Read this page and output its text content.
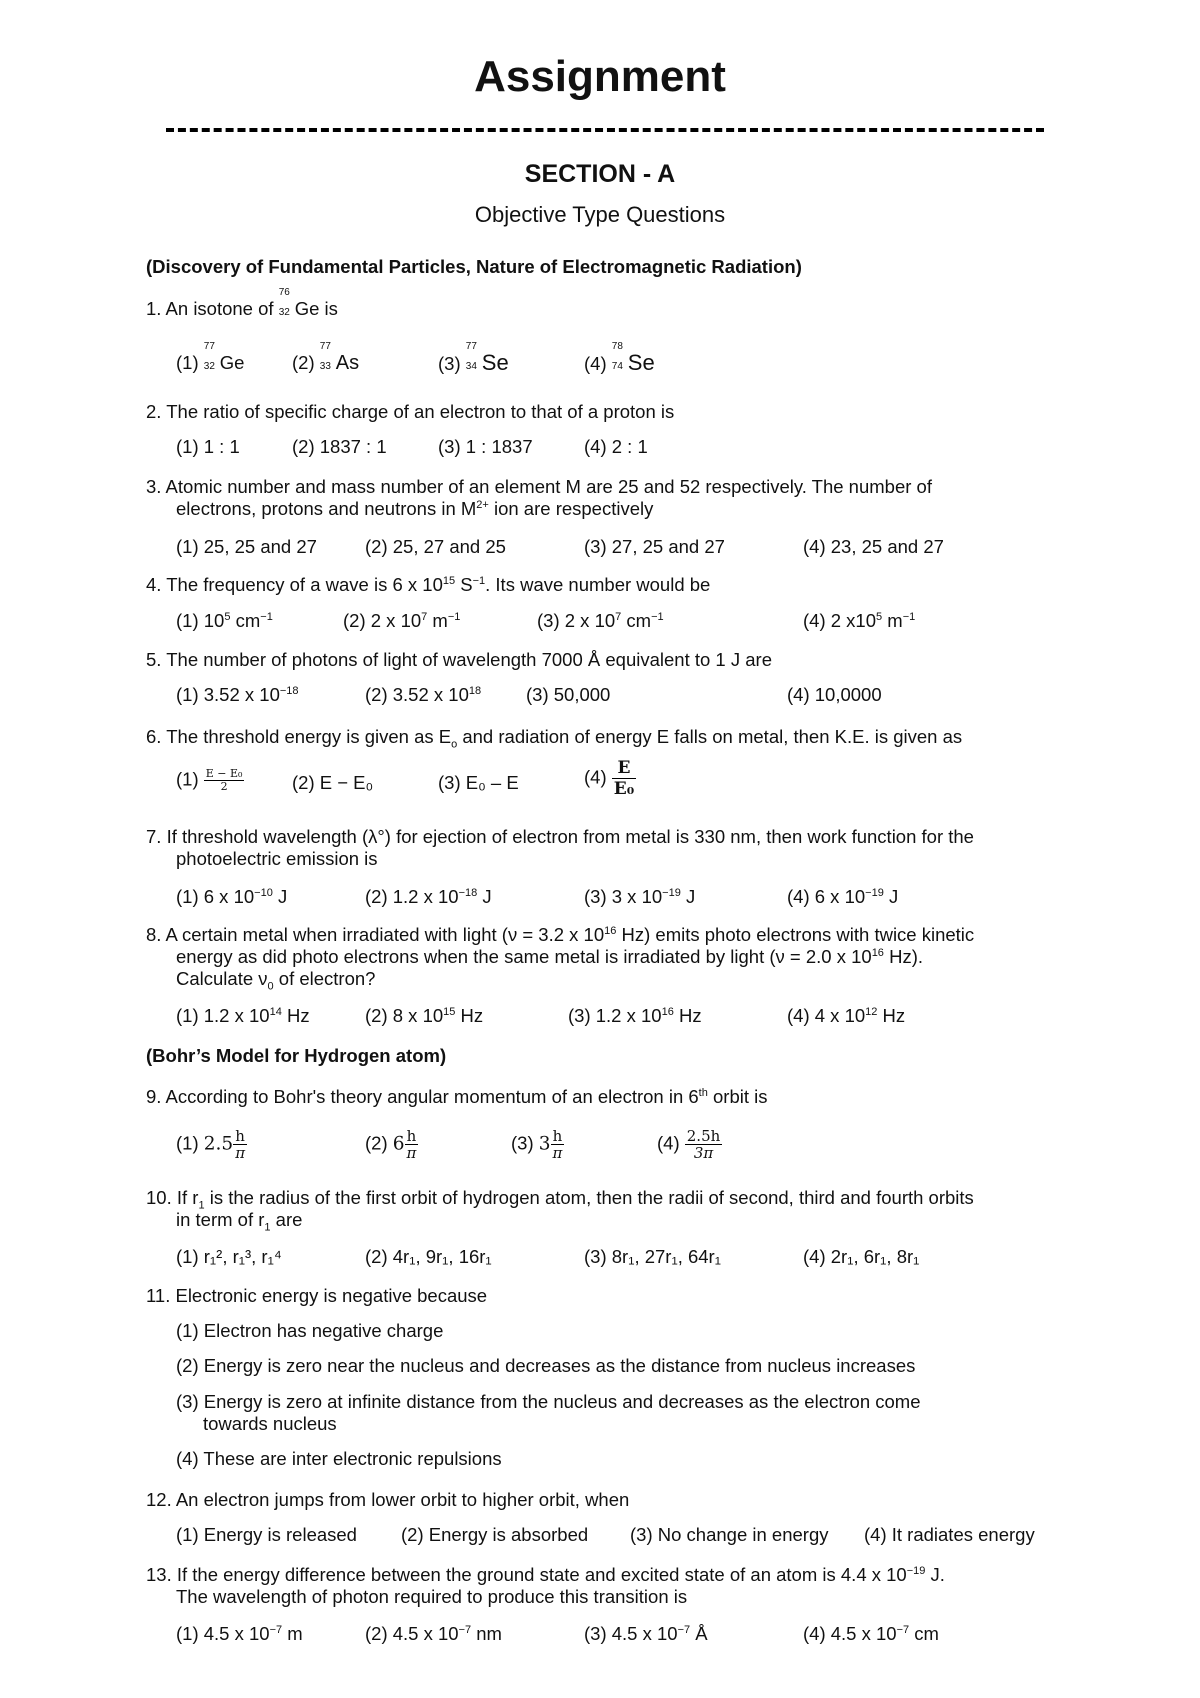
Assignment
SECTION - A
Objective Type Questions
(Discovery of Fundamental Particles, Nature of Electromagnetic Radiation)
1. An isotone of
76
32 Ge is
(1)
77
32 Ge	(2)
77
33 As	(3)
77
34 Se	(4)
78
74 Se
2. The ratio of specific charge of an electron to that of a proton is
(1) 1 : 1	(2) 1837 : 1	(3) 1 : 1837	(4) 2 : 1
3. Atomic number and mass number of an element M are 25 and 52 respectively. The number of
electrons, protons and neutrons in $M^{2+}$ ion are respectively
(1) 25, 25 and 27	(2) 25, 27 and 25	(3) 27, 25 and 27	(4) 23, 25 and 27
4. The frequency of a wave is 6 x $10^{15}$ $S^{-1}$. Its wave number would be
(1) $10^5$ $cm^{-1}$	(2) 2 x $10^7$ $m^{-1}$	(3) 2 x $10^7$ $cm^{-1}$	(4) 2 $x10^5$ $m^{-1}$
5. The number of photons of light of wavelength 7000 Å equivalent to 1 J are
(1) 3.52 x $10^{-18}$	(2) 3.52 x $10^{18}$ (3) 50,000	(4) 10,0000
6. The threshold energy is given as $E_o$ and radiation of energy E falls on metal, then K.E. is given as
$(1) \frac{\text{E − E₀}}{2}$	(2) E − E₀	(3) E₀ – E	$(4) \frac{E}{\text{E₀}}$
7. If threshold wavelength (λ°) for ejection of electron from metal is 330 nm, then work function for the
photoelectric emission is
(1) 6 x $10^{-10}$ J	(2) 1.2 x $10^{-18}$ J	(3) 3 x $10^{-19}$ J	(4) 6 x $10^{-19}$ J
8. A certain metal when irradiated with light (ν = 3.2 x $10^{16}$ Hz) emits photo electrons with twice kinetic
energy as did photo electrons when the same metal is irradiated by light (ν = 2.0 x $10^{16}$ Hz).
Calculate $\nu_0$ of electron?
(1) 1.2 x $10^{14}$ Hz	(2) 8 x $10^{15}$ Hz	(3) 1.2 x $10^{16}$ Hz	(4) 4 x $10^{12}$ Hz
(Bohr’s Model for Hydrogen atom)
9. According to Bohr's theory angular momentum of an electron in 6th orbit is
(1) $2.5 \frac{h}{\pi}$	(2) $6 \frac{h}{\pi}$	(3) $3 \frac{h}{\pi}$	$(4) \frac{2.5h}{3\pi}$
10. If $r_1$ is the radius of the first orbit of hydrogen atom, then the radii of second, third and fourth orbits
in term of $r_1$ are
(1) r₁², r₁³, r₁⁴	(2) 4r₁, 9r₁, 16r₁	(3) 8r₁, 27r₁, 64r₁	(4) 2r₁, 6r₁, 8r₁
11. Electronic energy is negative because
(1) Electron has negative charge
(2) Energy is zero near the nucleus and decreases as the distance from nucleus increases
(3) Energy is zero at infinite distance from the nucleus and decreases as the electron come
towards nucleus
(4) These are inter electronic repulsions
12. An electron jumps from lower orbit to higher orbit, when
(1) Energy is released (2) Energy is absorbed (3) No change in energy (4) It radiates energy
13. If the energy difference between the ground state and excited state of an atom is 4.4 x $10^{-19}$ J.
The wavelength of photon required to produce this transition is
(1) 4.5 x $10^{-7}$ m	(2) 4.5 x $10^{-7}$ nm	(3) 4.5 x $10^{-7}$ Å	(4) 4.5 x $10^{-7}$ cm
